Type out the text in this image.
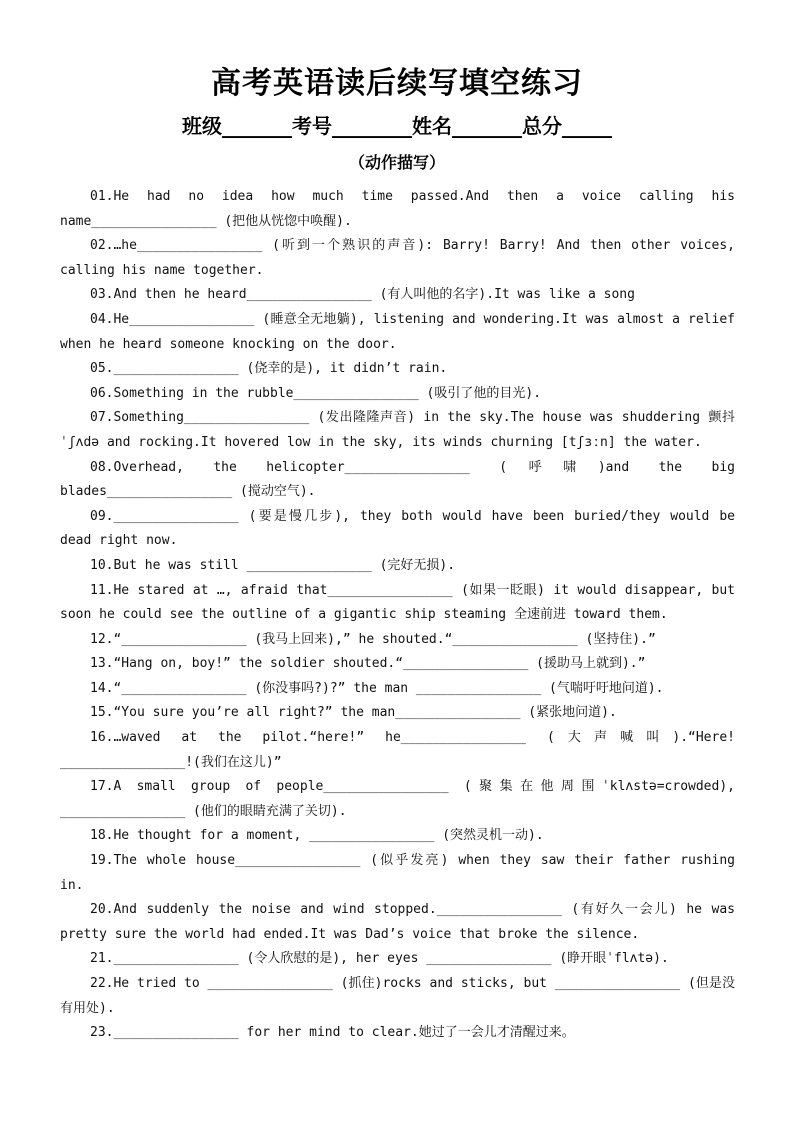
高考英语读后续写填空练习
班级_______考号________姓名_______总分_____
（动作描写）

01.He had no idea how much time passed.And then a voice calling his name________________ (把他从恍惚中唤醒).

02.…he________________ (听到一个熟识的声音): Barry! Barry! And then other voices, calling his name together.

03.And then he heard________________ (有人叫他的名字).It was like a song

04.He________________ (睡意全无地躺), listening and wondering.It was almost a relief when he heard someone knocking on the door.

05.________________ (侥幸的是), it didn’t rain.

06.Something in the rubble________________ (吸引了他的目光).

07.Something________________ (发出隆隆声音) in the sky.The house was shuddering 颤抖ˈʃʌdə and rocking.It hovered low in the sky, its winds churning [tʃɜːn] the water.

08.Overhead, the helicopter________________ (呼啸)and the big blades________________ (搅动空气).

09.________________ (要是慢几步), they both would have been buried/they would be dead right now.

10.But he was still ________________ (完好无损).

11.He stared at …, afraid that________________ (如果一眨眼) it would disappear, but soon he could see the outline of a gigantic ship steaming 全速前进 toward them.

12.“________________ (我马上回来),” he shouted.“________________ (坚持住).”

13.“Hang on, boy!” the soldier shouted.“________________ (援助马上就到).”

14.“________________ (你没事吗?)?” the man ________________ (气喘吁吁地问道).

15.“You sure you’re all right?” the man________________ (紧张地问道).

16.…waved at the pilot.“here!” he________________ (大声喊叫).“Here! ________________!(我们在这儿)”

17.A small group of people________________ (聚集在他周围ˈklʌstə=crowded), ________________ (他们的眼睛充满了关切).

18.He thought for a moment, ________________ (突然灵机一动).

19.The whole house________________ (似乎发亮) when they saw their father rushing in.

20.And suddenly the noise and wind stopped.________________ (有好久一会儿) he was pretty sure the world had ended.It was Dad’s voice that broke the silence.

21.________________ (令人欣慰的是), her eyes ________________ (睁开眼ˈflʌtə).

22.He tried to ________________ (抓住)rocks and sticks, but ________________ (但是没有用处).

23.________________ for her mind to clear.她过了一会儿才清醒过来。
